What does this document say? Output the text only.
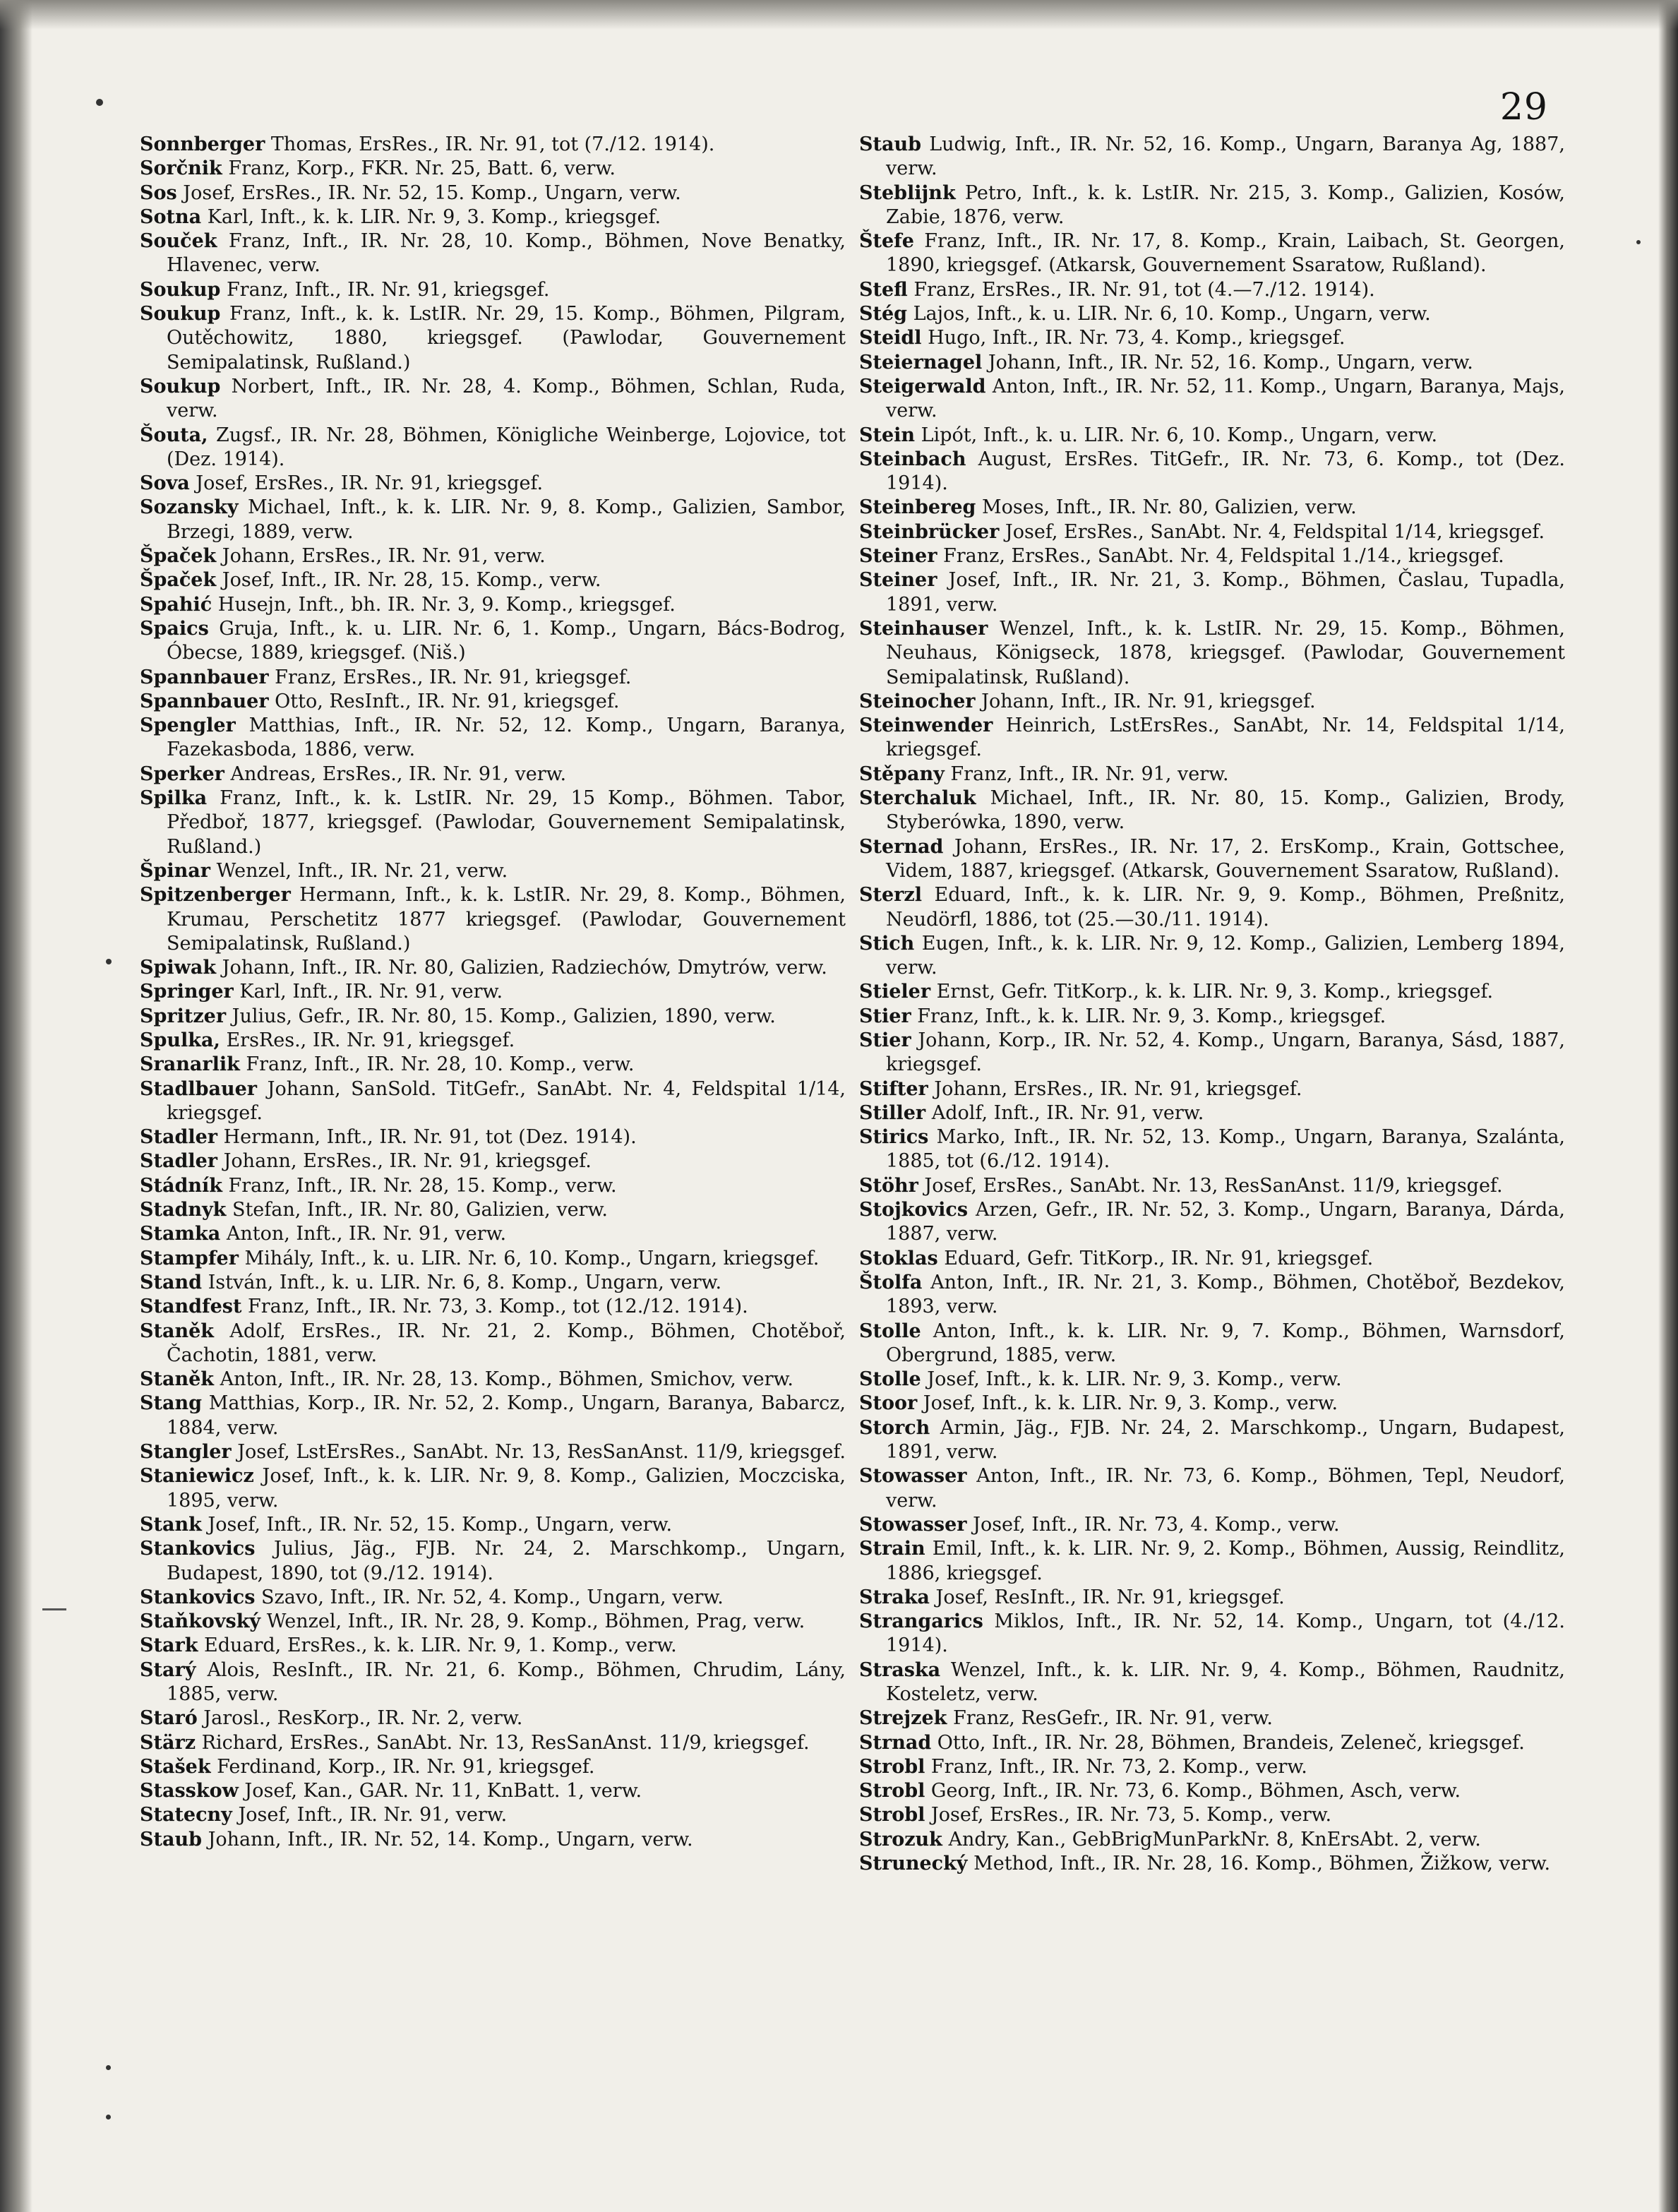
29

Sonnberger Thomas, ErsRes., IR. Nr. 91, tot (7./12. 1914).

Sorčnik Franz, Korp., FKR. Nr. 25, Batt. 6, verw.

Sos Josef, ErsRes., IR. Nr. 52, 15. Komp., Ungarn, verw.

Sotna Karl, Inft., k. k. LIR. Nr. 9, 3. Komp., kriegsgef.

Souček Franz, Inft., IR. Nr. 28, 10. Komp., Böhmen, Nove Benatky, Hlavenec, verw.

Soukup Franz, Inft., IR. Nr. 91, kriegsgef.

Soukup Franz, Inft., k. k. LstIR. Nr. 29, 15. Komp., Böhmen, Pilgram, Outěchowitz, 1880, kriegsgef. (Pawlodar, Gouvernement Semipalatinsk, Rußland.)

Soukup Norbert, Inft., IR. Nr. 28, 4. Komp., Böhmen, Schlan, Ruda, verw.

Šouta, Zugsf., IR. Nr. 28, Böhmen, Königliche Weinberge, Lojovice, tot (Dez. 1914).

Sova Josef, ErsRes., IR. Nr. 91, kriegsgef.

Sozansky Michael, Inft., k. k. LIR. Nr. 9, 8. Komp., Galizien, Sambor, Brzegi, 1889, verw.

Špaček Johann, ErsRes., IR. Nr. 91, verw.

Špaček Josef, Inft., IR. Nr. 28, 15. Komp., verw.

Spahić Husejn, Inft., bh. IR. Nr. 3, 9. Komp., kriegsgef.

Spaics Gruja, Inft., k. u. LIR. Nr. 6, 1. Komp., Ungarn, Bács-Bodrog, Óbecse, 1889, kriegsgef. (Niš.)

Spannbauer Franz, ErsRes., IR. Nr. 91, kriegsgef.

Spannbauer Otto, ResInft., IR. Nr. 91, kriegsgef.

Spengler Matthias, Inft., IR. Nr. 52, 12. Komp., Ungarn, Baranya, Fazekasboda, 1886, verw.

Sperker Andreas, ErsRes., IR. Nr. 91, verw.

Spilka Franz, Inft., k. k. LstIR. Nr. 29, 15 Komp., Böhmen. Tabor, Předboř, 1877, kriegsgef. (Pawlodar, Gouvernement Semipalatinsk, Rußland.)

Špinar Wenzel, Inft., IR. Nr. 21, verw.

Spitzenberger Hermann, Inft., k. k. LstIR. Nr. 29, 8. Komp., Böhmen, Krumau, Perschetitz 1877 kriegsgef. (Pawlodar, Gouvernement Semipalatinsk, Rußland.)

Spiwak Johann, Inft., IR. Nr. 80, Galizien, Radziechów, Dmytrów, verw.

Springer Karl, Inft., IR. Nr. 91, verw.

Spritzer Julius, Gefr., IR. Nr. 80, 15. Komp., Galizien, 1890, verw.

Spulka, ErsRes., IR. Nr. 91, kriegsgef.

Sranarlik Franz, Inft., IR. Nr. 28, 10. Komp., verw.

Stadlbauer Johann, SanSold. TitGefr., SanAbt. Nr. 4, Feldspital 1/14, kriegsgef.

Stadler Hermann, Inft., IR. Nr. 91, tot (Dez. 1914).

Stadler Johann, ErsRes., IR. Nr. 91, kriegsgef.

Stádník Franz, Inft., IR. Nr. 28, 15. Komp., verw.

Stadnyk Stefan, Inft., IR. Nr. 80, Galizien, verw.

Stamka Anton, Inft., IR. Nr. 91, verw.

Stampfer Mihály, Inft., k. u. LIR. Nr. 6, 10. Komp., Ungarn, kriegsgef.

Stand István, Inft., k. u. LIR. Nr. 6, 8. Komp., Ungarn, verw.

Standfest Franz, Inft., IR. Nr. 73, 3. Komp., tot (12./12. 1914).

Staněk Adolf, ErsRes., IR. Nr. 21, 2. Komp., Böhmen, Chotěboř, Čachotin, 1881, verw.

Staněk Anton, Inft., IR. Nr. 28, 13. Komp., Böhmen, Smichov, verw.

Stang Matthias, Korp., IR. Nr. 52, 2. Komp., Ungarn, Baranya, Babarcz, 1884, verw.

Stangler Josef, LstErsRes., SanAbt. Nr. 13, ResSanAnst. 11/9, kriegsgef.

Staniewicz Josef, Inft., k. k. LIR. Nr. 9, 8. Komp., Galizien, Moczciska, 1895, verw.

Stank Josef, Inft., IR. Nr. 52, 15. Komp., Ungarn, verw.

Stankovics Julius, Jäg., FJB. Nr. 24, 2. Marschkomp., Ungarn, Budapest, 1890, tot (9./12. 1914).

Stankovics Szavo, Inft., IR. Nr. 52, 4. Komp., Ungarn, verw.

Staňkovský Wenzel, Inft., IR. Nr. 28, 9. Komp., Böhmen, Prag, verw.

Stark Eduard, ErsRes., k. k. LIR. Nr. 9, 1. Komp., verw.

Starý Alois, ResInft., IR. Nr. 21, 6. Komp., Böhmen, Chrudim, Lány, 1885, verw.

Staró Jarosl., ResKorp., IR. Nr. 2, verw.

Stärz Richard, ErsRes., SanAbt. Nr. 13, ResSanAnst. 11/9, kriegsgef.

Stašek Ferdinand, Korp., IR. Nr. 91, kriegsgef.

Stasskow Josef, Kan., GAR. Nr. 11, KnBatt. 1, verw.

Statecny Josef, Inft., IR. Nr. 91, verw.

Staub Johann, Inft., IR. Nr. 52, 14. Komp., Ungarn, verw.

Staub Ludwig, Inft., IR. Nr. 52, 16. Komp., Ungarn, Baranya Ag, 1887, verw.

Steblijnk Petro, Inft., k. k. LstIR. Nr. 215, 3. Komp., Galizien, Kosów, Zabie, 1876, verw.

Štefe Franz, Inft., IR. Nr. 17, 8. Komp., Krain, Laibach, St. Georgen, 1890, kriegsgef. (Atkarsk, Gouvernement Ssaratow, Rußland).

Stefl Franz, ErsRes., IR. Nr. 91, tot (4.—7./12. 1914).

Stég Lajos, Inft., k. u. LIR. Nr. 6, 10. Komp., Ungarn, verw.

Steidl Hugo, Inft., IR. Nr. 73, 4. Komp., kriegsgef.

Steiernagel Johann, Inft., IR. Nr. 52, 16. Komp., Ungarn, verw.

Steigerwald Anton, Inft., IR. Nr. 52, 11. Komp., Ungarn, Baranya, Majs, verw.

Stein Lipót, Inft., k. u. LIR. Nr. 6, 10. Komp., Ungarn, verw.

Steinbach August, ErsRes. TitGefr., IR. Nr. 73, 6. Komp., tot (Dez. 1914).

Steinbereg Moses, Inft., IR. Nr. 80, Galizien, verw.

Steinbrücker Josef, ErsRes., SanAbt. Nr. 4, Feldspital 1/14, kriegsgef.

Steiner Franz, ErsRes., SanAbt. Nr. 4, Feldspital 1./14., kriegsgef.

Steiner Josef, Inft., IR. Nr. 21, 3. Komp., Böhmen, Časlau, Tupadla, 1891, verw.

Steinhauser Wenzel, Inft., k. k. LstIR. Nr. 29, 15. Komp., Böhmen, Neuhaus, Königseck, 1878, kriegsgef. (Pawlodar, Gouvernement Semipalatinsk, Rußland).

Steinocher Johann, Inft., IR. Nr. 91, kriegsgef.

Steinwender Heinrich, LstErsRes., SanAbt, Nr. 14, Feldspital 1/14, kriegsgef.

Stěpany Franz, Inft., IR. Nr. 91, verw.

Sterchaluk Michael, Inft., IR. Nr. 80, 15. Komp., Galizien, Brody, Styberówka, 1890, verw.

Sternad Johann, ErsRes., IR. Nr. 17, 2. ErsKomp., Krain, Gottschee, Videm, 1887, kriegsgef. (Atkarsk, Gouvernement Ssaratow, Rußland).

Sterzl Eduard, Inft., k. k. LIR. Nr. 9, 9. Komp., Böhmen, Preßnitz, Neudörfl, 1886, tot (25.—30./11. 1914).

Stich Eugen, Inft., k. k. LIR. Nr. 9, 12. Komp., Galizien, Lemberg 1894, verw.

Stieler Ernst, Gefr. TitKorp., k. k. LIR. Nr. 9, 3. Komp., kriegsgef.

Stier Franz, Inft., k. k. LIR. Nr. 9, 3. Komp., kriegsgef.

Stier Johann, Korp., IR. Nr. 52, 4. Komp., Ungarn, Baranya, Sásd, 1887, kriegsgef.

Stifter Johann, ErsRes., IR. Nr. 91, kriegsgef.

Stiller Adolf, Inft., IR. Nr. 91, verw.

Stirics Marko, Inft., IR. Nr. 52, 13. Komp., Ungarn, Baranya, Szalánta, 1885, tot (6./12. 1914).

Stöhr Josef, ErsRes., SanAbt. Nr. 13, ResSanAnst. 11/9, kriegsgef.

Stojkovics Arzen, Gefr., IR. Nr. 52, 3. Komp., Ungarn, Baranya, Dárda, 1887, verw.

Stoklas Eduard, Gefr. TitKorp., IR. Nr. 91, kriegsgef.

Štolfa Anton, Inft., IR. Nr. 21, 3. Komp., Böhmen, Chotěboř, Bezdekov, 1893, verw.

Stolle Anton, Inft., k. k. LIR. Nr. 9, 7. Komp., Böhmen, Warnsdorf, Obergrund, 1885, verw.

Stolle Josef, Inft., k. k. LIR. Nr. 9, 3. Komp., verw.

Stoor Josef, Inft., k. k. LIR. Nr. 9, 3. Komp., verw.

Storch Armin, Jäg., FJB. Nr. 24, 2. Marschkomp., Ungarn, Budapest, 1891, verw.

Stowasser Anton, Inft., IR. Nr. 73, 6. Komp., Böhmen, Tepl, Neudorf, verw.

Stowasser Josef, Inft., IR. Nr. 73, 4. Komp., verw.

Strain Emil, Inft., k. k. LIR. Nr. 9, 2. Komp., Böhmen, Aussig, Reindlitz, 1886, kriegsgef.

Straka Josef, ResInft., IR. Nr. 91, kriegsgef.

Strangarics Miklos, Inft., IR. Nr. 52, 14. Komp., Ungarn, tot (4./12. 1914).

Straska Wenzel, Inft., k. k. LIR. Nr. 9, 4. Komp., Böhmen, Raudnitz, Kosteletz, verw.

Strejzek Franz, ResGefr., IR. Nr. 91, verw.

Strnad Otto, Inft., IR. Nr. 28, Böhmen, Brandeis, Zeleneč, kriegsgef.

Strobl Franz, Inft., IR. Nr. 73, 2. Komp., verw.

Strobl Georg, Inft., IR. Nr. 73, 6. Komp., Böhmen, Asch, verw.

Strobl Josef, ErsRes., IR. Nr. 73, 5. Komp., verw.

Strozuk Andry, Kan., GebBrigMunParkNr. 8, KnErsAbt. 2, verw.

Strunecký Method, Inft., IR. Nr. 28, 16. Komp., Böhmen, Žižkow, verw.
